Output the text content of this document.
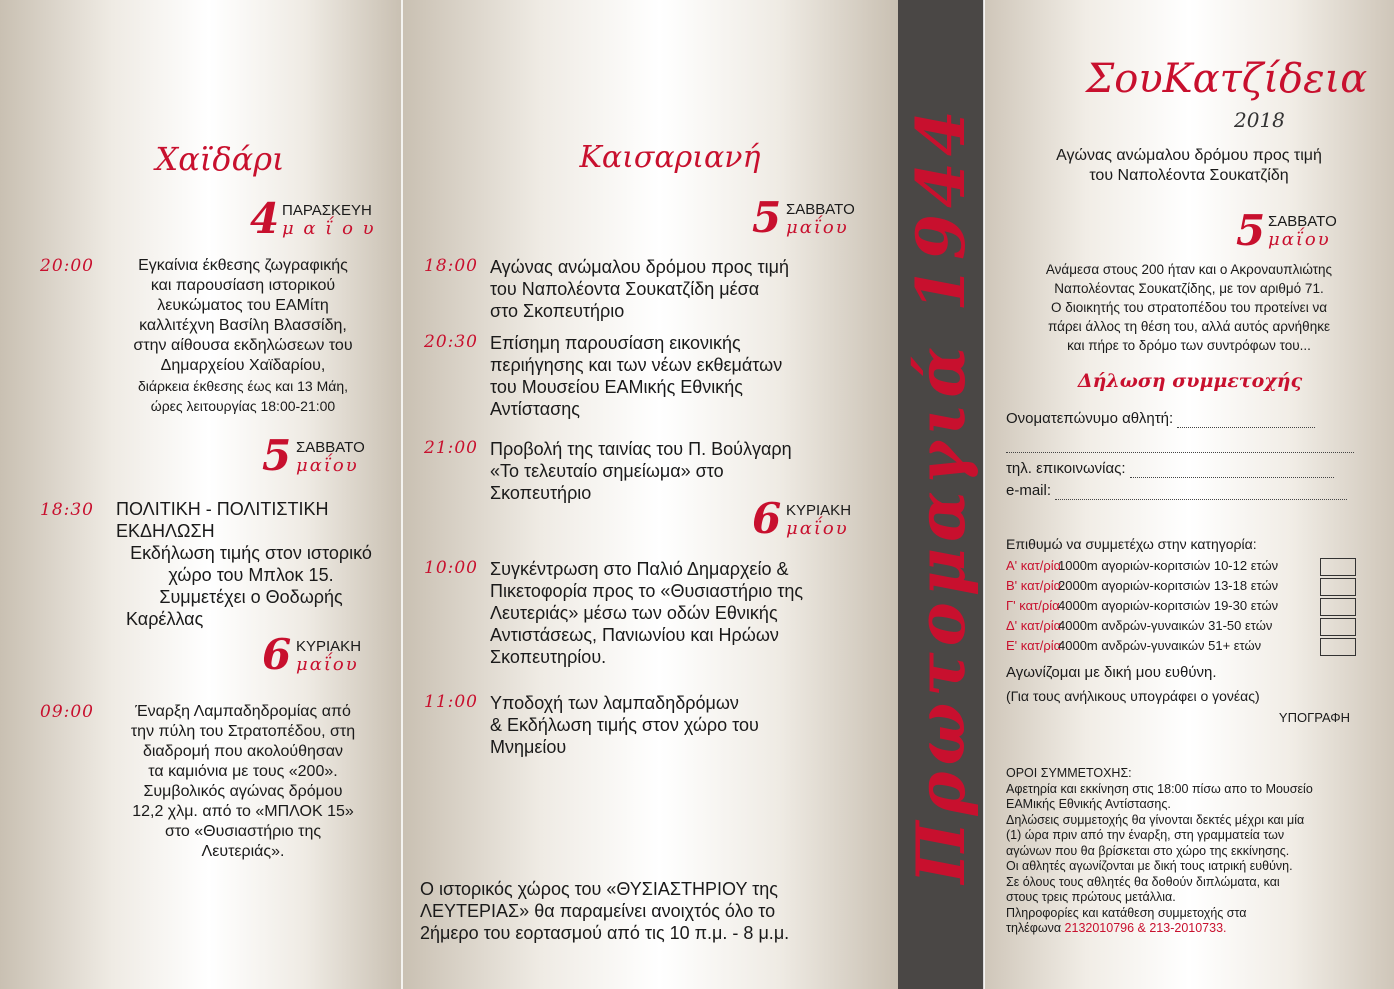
Χαϊδάρι
4 ΠΑΡΑΣΚΕΥΗ
μ α ΐ ο υ
20:00	Εγκαίνια έκθεσης ζωγραφικής
και παρουσίαση ιστορικού
λευκώματος του ΕΑΜίτη
καλλιτέχνη Βασίλη Βλασσίδη,
στην αίθουσα εκδηλώσεων του
Δημαρχείου Χαϊδαρίου,
διάρκεια έκθεσης έως και 13 Μάη,
ώρες λειτουργίας 18:00-21:00
5 ΣΑΒΒΑΤΟ
μαΐου
18:30 ΠΟΛΙΤΙΚΗ - ΠΟΛΙΤΙΣΤΙΚΗ
ΕΚΔΗΛΩΣΗ
Εκδήλωση τιμής στον ιστορικό
χώρο του Μπλοκ 15.
Συμμετέχει ο Θοδωρής
Καρέλλας
6 ΚΥΡΙΑΚΗ
μαΐου
09:00	Έναρξη Λαμπαδηδρομίας από
την πύλη του Στρατοπέδου, στη
διαδρομή που ακολούθησαν
τα καμιόνια με τους «200».
Συμβολικός αγώνας δρόμου
12,2 χλμ. από το «ΜΠΛΟΚ 15»
στο «Θυσιαστήριο της
Λευτεριάς».
Καισαριανή
5 ΣΑΒΒΑΤΟ
μαΐου
18:00 Αγώνας ανώμαλου δρόμου προς τιμή
του Ναπολέοντα Σουκατζίδη μέσα
στο Σκοπευτήριο
20:30 Επίσημη παρουσίαση εικονικής
περιήγησης και των νέων εκθεμάτων
του Μουσείου ΕΑΜικής Εθνικής
Αντίστασης
21:00 Προβολή της ταινίας του Π. Βούλγαρη
«Το τελευταίο σημείωμα» στο
Σκοπευτήριο
6 ΚΥΡΙΑΚΗ
μαΐου
10:00 Συγκέντρωση στο Παλιό Δημαρχείο &
Πικετοφορία προς το «Θυσιαστήριο της
Λευτεριάς» μέσω των οδών Εθνικής
Αντιστάσεως, Πανιωνίου και Ηρώων
Σκοπευτηρίου.
11:00 Υποδοχή των λαμπαδηδρόμων
& Εκδήλωση τιμής στον χώρο του
Μνημείου
Ο ιστορικός χώρος του «ΘΥΣΙΑΣΤΗΡΙΟΥ της
ΛΕΥΤΕΡΙΑΣ» θα παραμείνει ανοιχτός όλο το
2ήμερο του εορτασμού από τις 10 π.μ. - 8 μ.μ.
Πρωτομαγιά 1944
ΣουΚατζίδεια
2018
Αγώνας ανώμαλου δρόμου προς τιμή
του Ναπολέοντα Σουκατζίδη
5 ΣΑΒΒΑΤΟ
μαΐου
Ανάμεσα στους 200 ήταν και ο Ακροναυπλιώτης
Ναπολέοντας Σουκατζίδης, με τον αριθμό 71.
Ο διοικητής του στρατοπέδου του προτείνει να
πάρει άλλος τη θέση του, αλλά αυτός αρνήθηκε
και πήρε το δρόμο των συντρόφων του...
Δήλωση συμμετοχής
Ονοματεπώνυμο αθλητή:
τηλ. επικοινωνίας:
e-mail:
Επιθυμώ να συμμετέχω στην κατηγορία:
Α' κατ/ρία
1000m αγοριών-κοριτσιών 10-12 ετών
Β' κατ/ρία
2000m αγοριών-κοριτσιών 13-18 ετών
Γ' κατ/ρία
4000m αγοριών-κοριτσιών 19-30 ετών
Δ' κατ/ρία
4000m ανδρών-γυναικών 31-50 ετών
Ε' κατ/ρία
4000m ανδρών-γυναικών 51+ ετών
Αγωνίζομαι με δική μου ευθύνη.
(Για τους ανήλικους υπογράφει ο γονέας)
ΥΠΟΓΡΑΦΗ
ΟΡΟΙ ΣΥΜΜΕΤΟΧΗΣ:
Αφετηρία και εκκίνηση στις 18:00 πίσω απο το Μουσείο
ΕΑΜικής Εθνικής Αντίστασης.
Δηλώσεις συμμετοχής θα γίνονται δεκτές μέχρι και μία
(1) ώρα πριν από την έναρξη, στη γραμματεία των
αγώνων που θα βρίσκεται στο χώρο της εκκίνησης.
Οι αθλητές αγωνίζονται με δική τους ιατρική ευθύνη.
Σε όλους τους αθλητές θα δοθούν διπλώματα, και
στους τρεις πρώτους μετάλλια.
Πληροφορίες και κατάθεση συμμετοχής στα
τηλέφωνα 2132010796 & 213-2010733.
